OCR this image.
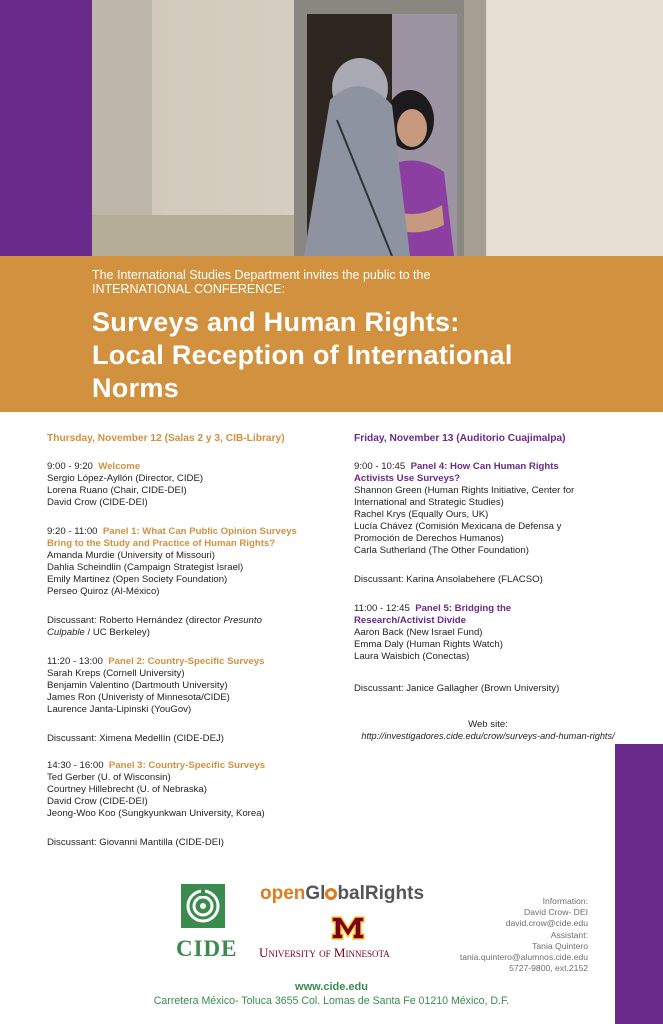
The International Studies Department invites the public to the
INTERNATIONAL CONFERENCE:
Surveys and Human Rights:
Local Reception of International
Norms
Thursday, November 12 (Salas 2 y 3, CIB-Library)
9:00 - 9:20 Welcome
Sergio López-Ayllón (Director, CIDE)
Lorena Ruano (Chair, CIDE-DEI)
David Crow (CIDE-DEI)
9:20 - 11:00 Panel 1: What Can Public Opinion Surveys
Bring to the Study and Practice of Human Rights?
Amanda Murdie (University of Missouri)
Dahlia Scheindlin (Campaign Strategist Israel)
Emily Martinez (Open Society Foundation)
Perseo Quiroz (Al-México)
Discussant: Roberto Hernández (director Presunto
Culpable / UC Berkeley)
11:20 - 13:00 Panel 2: Country-Specific Surveys
Sarah Kreps (Cornell University)
Benjamin Valentino (Dartmouth University)
James Ron (Univeristy of Minnesota/CIDE)
Laurence Janta-Lipinski (YouGov)
Discussant: Ximena Medellín (CIDE-DEJ)
14:30 - 16:00 Panel 3: Country-Specific Surveys
Ted Gerber (U. of Wisconsin)
Courtney Hillebrecht (U. of Nebraska)
David Crow (CIDE-DEI)
Jeong-Woo Koo (Sungkyunkwan University, Korea)
Discussant: Giovanni Mantilla (CIDE-DEI)
Friday, November 13 (Auditorio Cuajimalpa)
9:00 - 10:45 Panel 4: How Can Human Rights
Activists Use Surveys?
Shannon Green (Human Rights Initiative, Center for
International and Strategic Studies)
Rachel Krys (Equally Ours, UK)
Lucía Chávez (Comisión Mexicana de Defensa y
Promoción de Derechos Humanos)
Carla Sutherland (The Other Foundation)
Discussant: Karina Ansolabehere (FLACSO)
11:00 - 12:45 Panel 5: Bridging the
Research/Activist Divide
Aaron Back (New Israel Fund)
Emma Daly (Human Rights Watch)
Laura Waisbich (Conectas)
Discussant: Janice Gallagher (Brown University)
Web site:
http://investigadores.cide.edu/crow/surveys-and-human-rights/
CIDE
openGl balRights
University of Minnesota
Information:
David Crow- DEI
david.crow@cide.edu
Assistant:
Tania Quintero
tania.quintero@alumnos.cide.edu
5727-9800, ext.2152
www.cide.edu
Carretera México- Toluca 3655 Col. Lomas de Santa Fe 01210 México, D.F.
